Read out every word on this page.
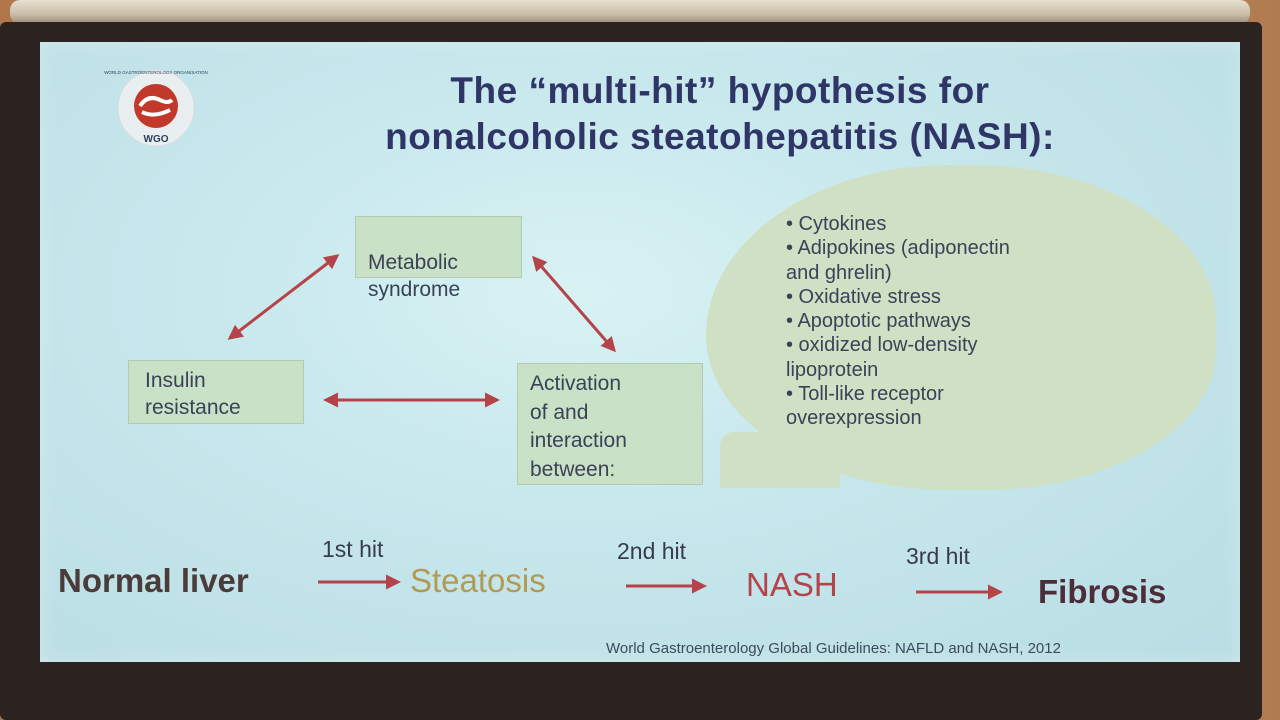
WGO
WORLD GASTROENTEROLOGY ORGANISATION	The “multi-hit” hypothesis for
nonalcoholic steatohepatitis (NASH):
• Cytokines
• Adipokines (adiponectin
and ghrelin)
• Oxidative stress
• Apoptotic pathways
• oxidized low-density
lipoprotein
• Toll-like receptor
overexpression
Metabolic
syndrome
Insulin
resistance
Activation
of and
interaction
between:
Normal liver
1st hit
Steatosis
2nd hit
NASH
3rd hit
Fibrosis
World Gastroenterology Global Guidelines: NAFLD and NASH, 2012
